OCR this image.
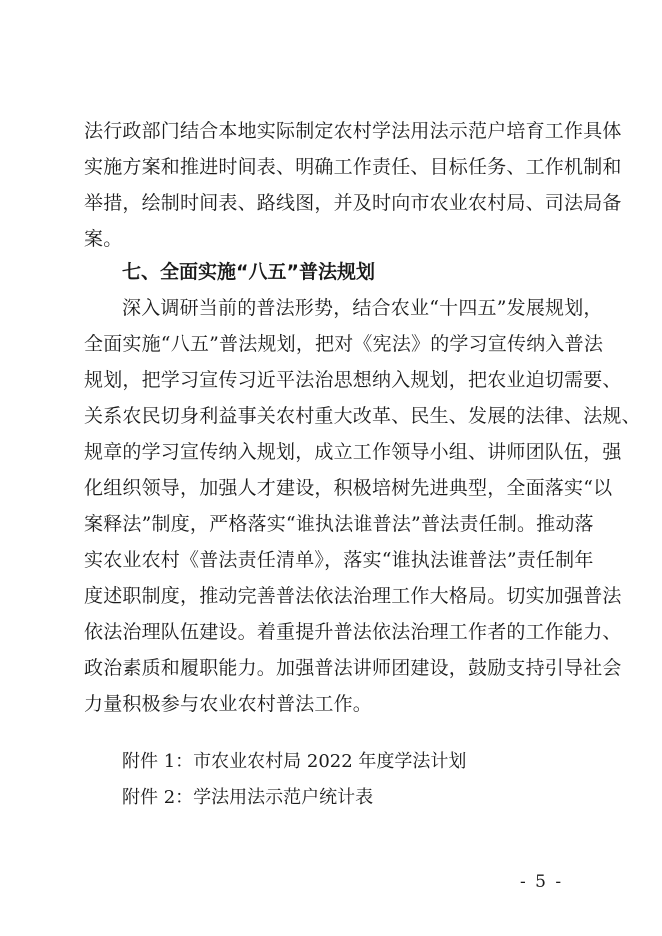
法行政部门结合本地实际制定农村学法用法示范户培育工作具体
实施方案和推进时间表、明确工作责任、目标任务、工作机制和
举措，绘制时间表、路线图，并及时向市农业农村局、司法局备
案。
七、全面实施“八五”普法规划
深入调研当前的普法形势，结合农业“十四五”发展规划，
全面实施“八五”普法规划，把对《宪法》的学习宣传纳入普法
规划，把学习宣传习近平法治思想纳入规划，把农业迫切需要、
关系农民切身利益事关农村重大改革、民生、发展的法律、法规、
规章的学习宣传纳入规划，成立工作领导小组、讲师团队伍，强
化组织领导，加强人才建设，积极培树先进典型，全面落实“以
案释法”制度，严格落实“谁执法谁普法”普法责任制。推动落
实农业农村《普法责任清单》，落实“谁执法谁普法”责任制年
度述职制度，推动完善普法依法治理工作大格局。切实加强普法
依法治理队伍建设。着重提升普法依法治理工作者的工作能力、
政治素质和履职能力。加强普法讲师团建设，鼓励支持引导社会
力量积极参与农业农村普法工作。
附件 1：市农业农村局 2022 年度学法计划
附件 2：学法用法示范户统计表
- 5 -
